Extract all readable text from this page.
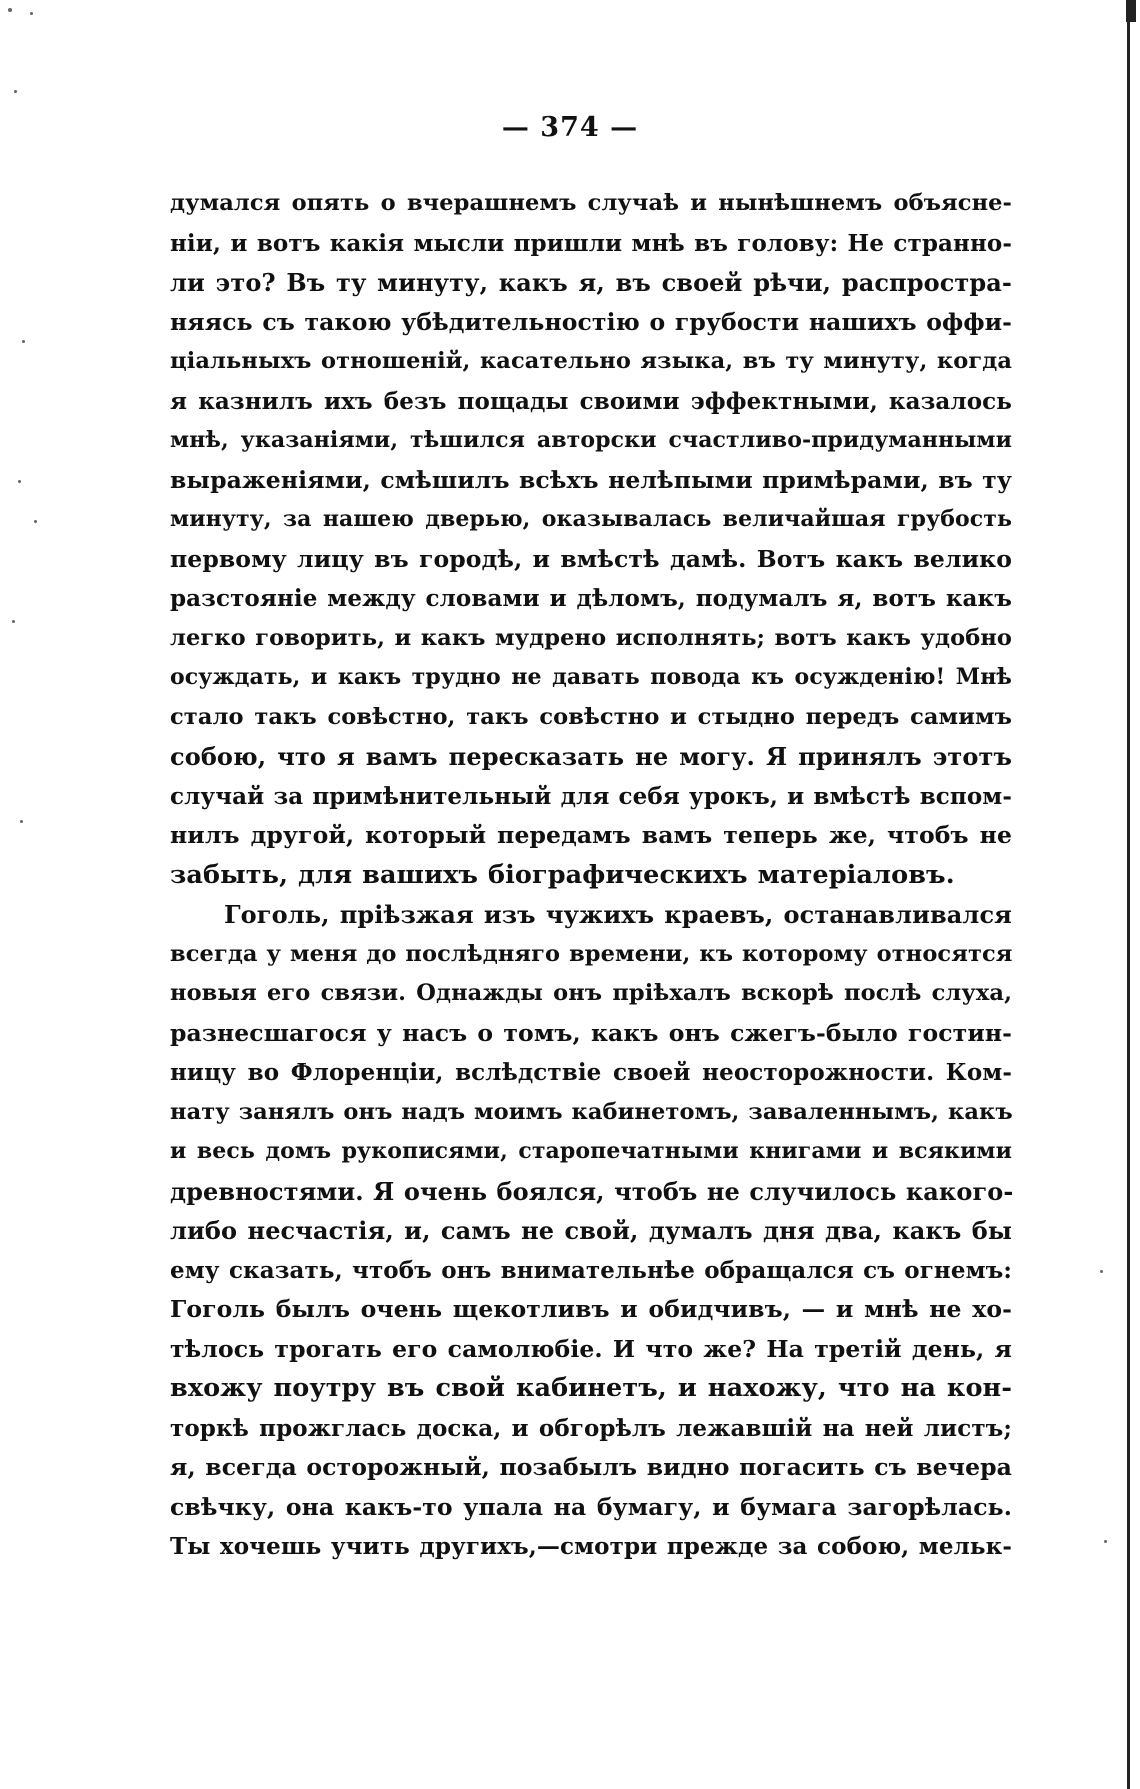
— 374 —
думался опять о вчерашнемъ случаѣ и нынѣшнемъ объясне-
ніи, и вотъ какія мысли пришли мнѣ въ голову: Не странно-
ли это? Въ ту минуту, какъ я, въ своей рѣчи, распростра-
няясь съ такою убѣдительностію о грубости нашихъ оффи-
ціальныхъ отношеній, касательно языка, въ ту минуту, когда
я казнилъ ихъ безъ пощады своими эффектными, казалось
мнѣ, указаніями, тѣшился авторски счастливо-придуманными
выраженіями, смѣшилъ всѣхъ нелѣпыми примѣрами, въ ту
минуту, за нашею дверью, оказывалась величайшая грубость
первому лицу въ городѣ, и вмѣстѣ дамѣ. Вотъ какъ велико
разстояніе между словами и дѣломъ, подумалъ я, вотъ какъ
легко говорить, и какъ мудрено исполнять; вотъ какъ удобно
осуждать, и какъ трудно не давать повода къ осужденію! Мнѣ
стало такъ совѣстно, такъ совѣстно и стыдно передъ самимъ
собою, что я вамъ пересказать не могу. Я принялъ этотъ
случай за примѣнительный для себя урокъ, и вмѣстѣ вспом-
нилъ другой, который передамъ вамъ теперь же, чтобъ не
забыть, для вашихъ біографическихъ матеріаловъ.
Гоголь, пріѣзжая изъ чужихъ краевъ, останавливался
всегда у меня до послѣдняго времени, къ которому относятся
новыя его связи. Однажды онъ пріѣхалъ вскорѣ послѣ слуха,
разнесшагося у насъ о томъ, какъ онъ сжегъ-было гостин-
ницу во Флоренціи, вслѣдствіе своей неосторожности. Ком-
нату занялъ онъ надъ моимъ кабинетомъ, заваленнымъ, какъ
и весь домъ рукописями, старопечатными книгами и всякими
древностями. Я очень боялся, чтобъ не случилось какого-
либо несчастія, и, самъ не свой, думалъ дня два, какъ бы
ему сказать, чтобъ онъ внимательнѣе обращался съ огнемъ:
Гоголь былъ очень щекотливъ и обидчивъ, — и мнѣ не хо-
тѣлось трогать его самолюбіе. И что же? На третій день, я
вхожу поутру въ свой кабинетъ, и нахожу, что на кон-
торкѣ прожглась доска, и обгорѣлъ лежавшій на ней листъ;
я, всегда осторожный, позабылъ видно погасить съ вечера
свѣчку, она какъ-то упала на бумагу, и бумага загорѣлась.
Ты хочешь учить другихъ,—смотри прежде за собою, мельк-
